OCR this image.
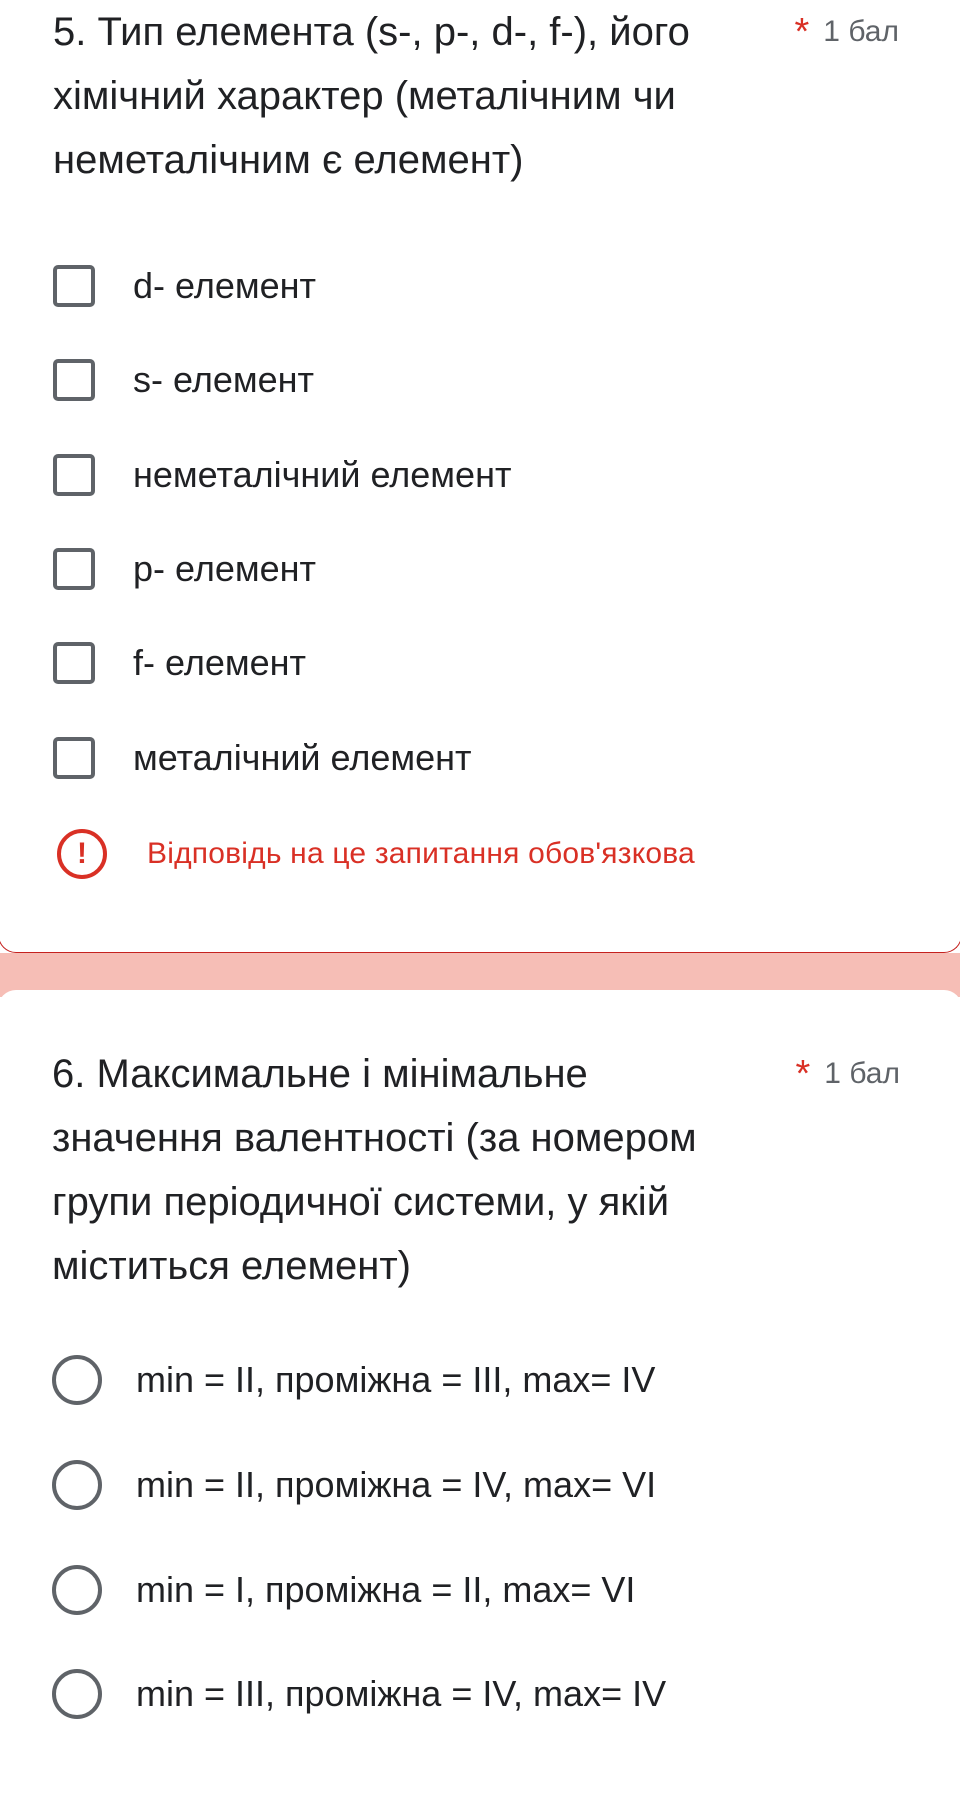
5. Тип елемента (s-, p-, d-, f-), його хімічний характер (металічним чи неметалічним є елемент)
* 1 бал
d- елемент
s- елемент
неметалічний елемент
p- елемент
f- елемент
металічний елемент
!	Відповідь на це запитання обов'язкова
6. Максимальне і мінімальне значення валентності (за номером групи періодичної системи, у якій міститься елемент)
* 1 бал
min = II, проміжна = III, max= IV
min = II, проміжна = IV, max= VI
min = I, проміжна = II, max= VI
min = III, проміжна = IV, max= IV
